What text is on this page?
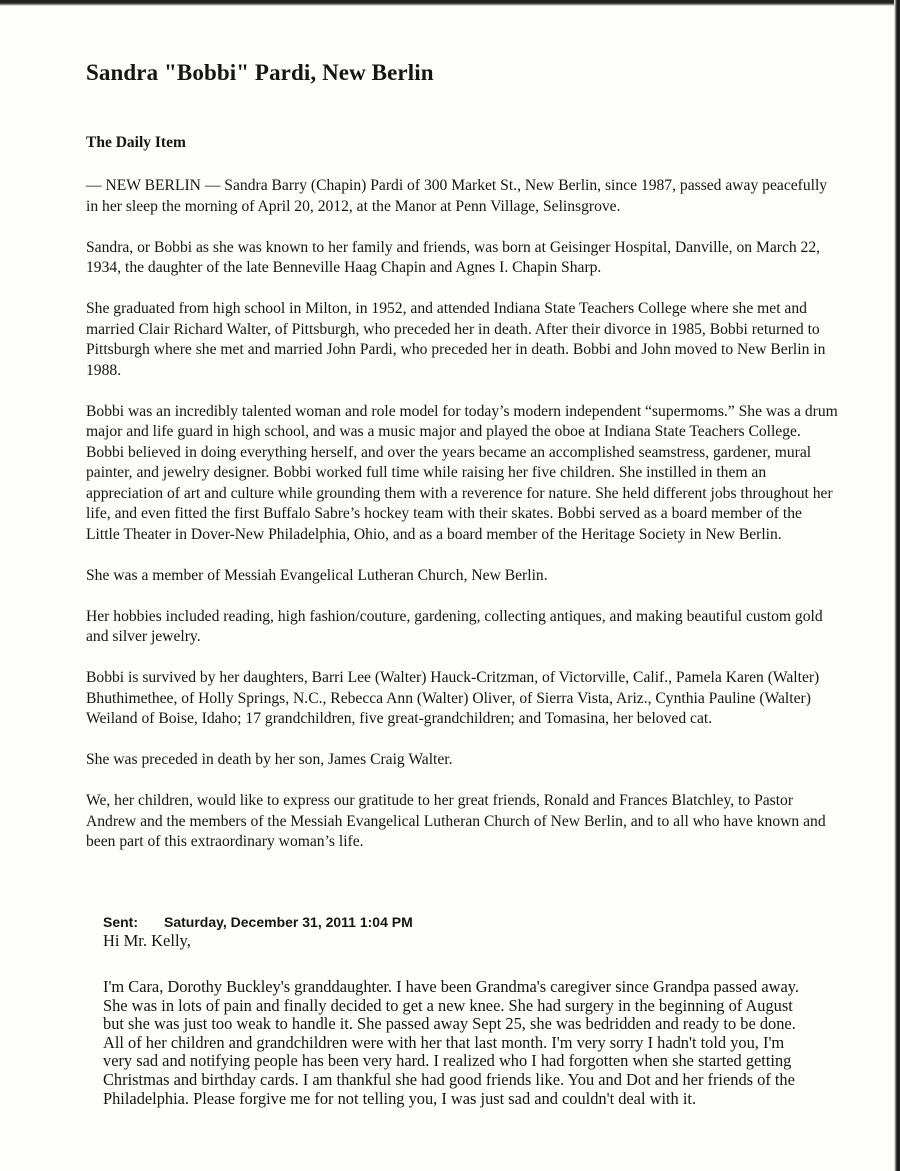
Sandra "Bobbi" Pardi, New Berlin
The Daily Item

— NEW BERLIN — Sandra Barry (Chapin) Pardi of 300 Market St., New Berlin, since 1987, passed away peacefully in her sleep the morning of April 20, 2012, at the Manor at Penn Village, Selinsgrove.

Sandra, or Bobbi as she was known to her family and friends, was born at Geisinger Hospital, Danville, on March 22, 1934, the daughter of the late Benneville Haag Chapin and Agnes I. Chapin Sharp.

She graduated from high school in Milton, in 1952, and attended Indiana State Teachers College where she met and married Clair Richard Walter, of Pittsburgh, who preceded her in death. After their divorce in 1985, Bobbi returned to Pittsburgh where she met and married John Pardi, who preceded her in death. Bobbi and John moved to New Berlin in 1988.

Bobbi was an incredibly talented woman and role model for today’s modern independent “supermoms.” She was a drum major and life guard in high school, and was a music major and played the oboe at Indiana State Teachers College. Bobbi believed in doing everything herself, and over the years became an accomplished seamstress, gardener, mural painter, and jewelry designer. Bobbi worked full time while raising her five children. She instilled in them an appreciation of art and culture while grounding them with a reverence for nature. She held different jobs throughout her life, and even fitted the first Buffalo Sabre’s hockey team with their skates. Bobbi served as a board member of the Little Theater in Dover-New Philadelphia, Ohio, and as a board member of the Heritage Society in New Berlin.

She was a member of Messiah Evangelical Lutheran Church, New Berlin.

Her hobbies included reading, high fashion/couture, gardening, collecting antiques, and making beautiful custom gold and silver jewelry.

Bobbi is survived by her daughters, Barri Lee (Walter) Hauck-Critzman, of Victorville, Calif., Pamela Karen (Walter) Bhuthimethee, of Holly Springs, N.C., Rebecca Ann (Walter) Oliver, of Sierra Vista, Ariz., Cynthia Pauline (Walter) Weiland of Boise, Idaho; 17 grandchildren, five great-grandchildren; and Tomasina, her beloved cat.

She was preceded in death by her son, James Craig Walter.

We, her children, would like to express our gratitude to her great friends, Ronald and Frances Blatchley, to Pastor Andrew and the members of the Messiah Evangelical Lutheran Church of New Berlin, and to all who have known and been part of this extraordinary woman’s life.

Sent: Saturday, December 31, 2011 1:04 PM
Hi Mr. Kelly,
I'm Cara, Dorothy Buckley's granddaughter. I have been Grandma's caregiver since Grandpa passed away. She was in lots of pain and finally decided to get a new knee. She had surgery in the beginning of August but she was just too weak to handle it. She passed away Sept 25, she was bedridden and ready to be done. All of her children and grandchildren were with her that last month. I'm very sorry I hadn't told you, I'm very sad and notifying people has been very hard. I realized who I had forgotten when she started getting Christmas and birthday cards. I am thankful she had good friends like. You and Dot and her friends of the Philadelphia. Please forgive me for not telling you, I was just sad and couldn't deal with it.
